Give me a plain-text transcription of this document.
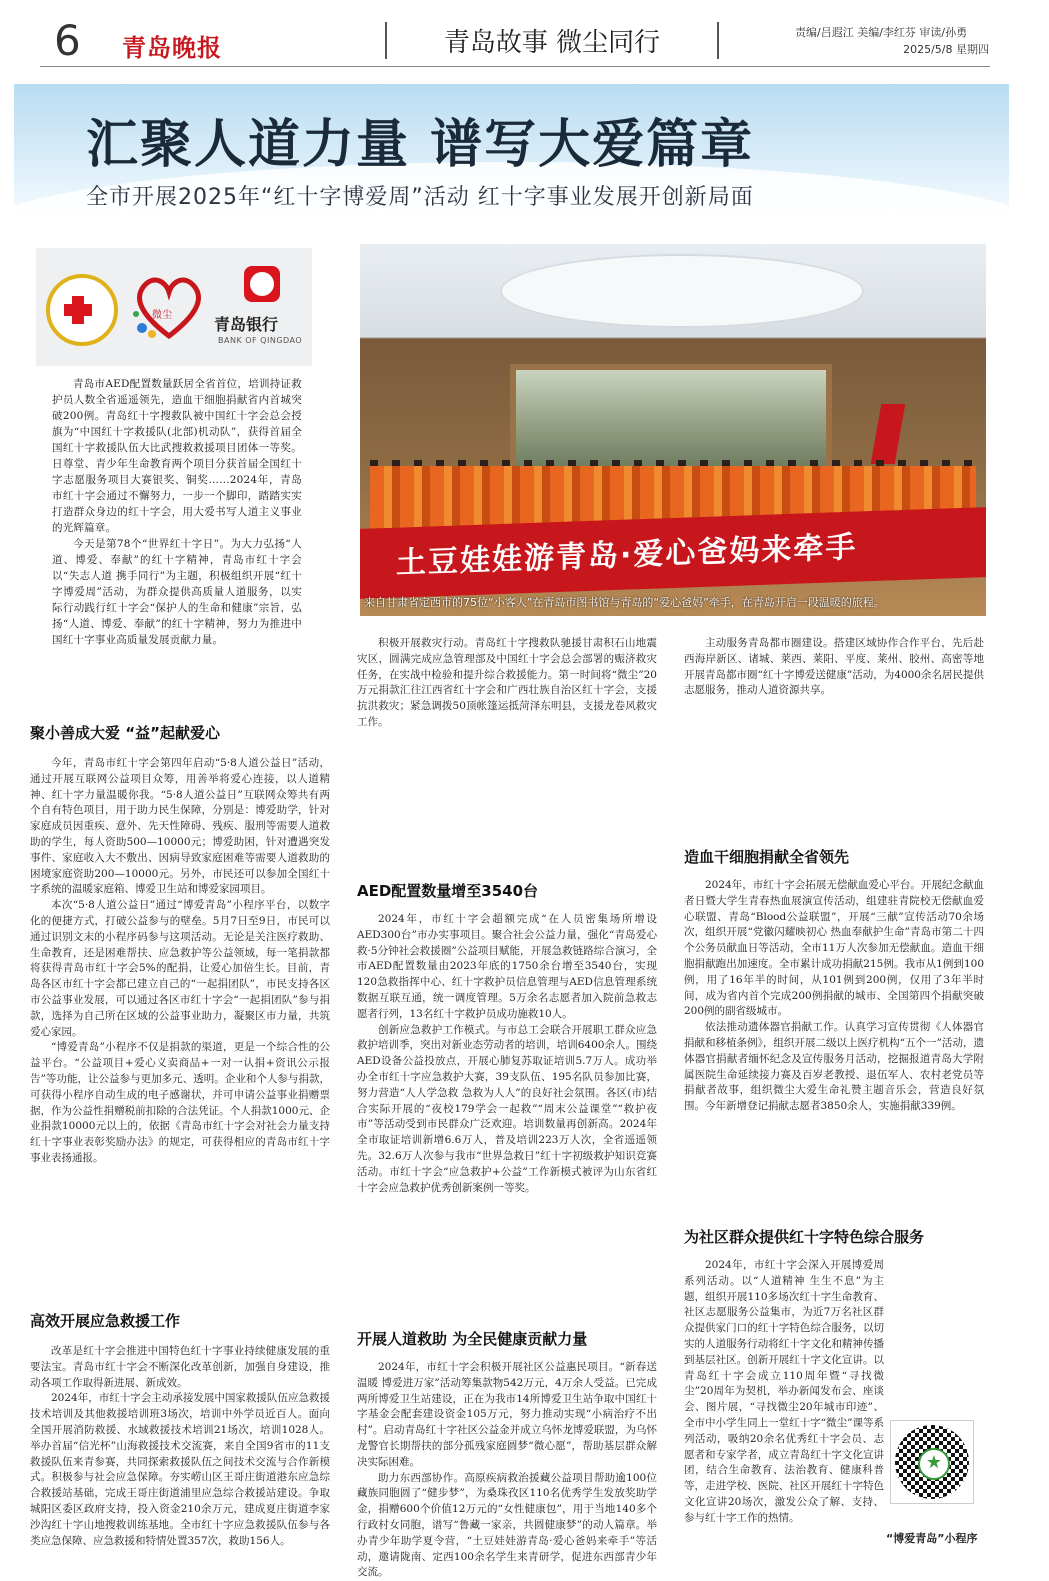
6 青岛晚报	青岛故事 微尘同行	责编/吕遐江 美编/李红芬 审读/孙勇
2025/5/8 星期四
汇聚人道力量 谱写大爱篇章
全市开展2025年“红十字博爱周”活动 红十字事业发展开创新局面
微尘	青岛银行
BANK OF QINGDAO
土豆娃娃游青岛·爱心爸妈来牵手
来自甘肃省定西市的75位“小客人”在青岛市图书馆与青岛的“爱心爸妈”牵手，在青岛开启一段温暖的旅程。

青岛市AED配置数量跃居全省首位，培训持证救护员人数全省遥遥领先，造血干细胞捐献省内首城突破200例。青岛红十字搜救队被中国红十字会总会授旗为“中国红十字救援队(北部)机动队”，获得首届全国红十字救援队伍大比武搜救救援项目团体一等奖。日尊堂、青少年生命教育两个项目分获首届全国红十字志愿服务项目大赛银奖、铜奖……2024年，青岛市红十字会通过不懈努力，一步一个脚印，踏踏实实打造群众身边的红十字会，用大爱书写人道主义事业的光辉篇章。

今天是第78个“世界红十字日”。为大力弘扬“人道、博爱、奉献”的红十字精神，青岛市红十字会以“失志人道 携手同行”为主题，积极组织开展“红十字博爱周”活动，为群众提供高质量人道服务，以实际行动践行红十字会“保护人的生命和健康”宗旨，弘扬“人道、博爱、奉献”的红十字精神，努力为推进中国红十字事业高质量发展贡献力量。

聚小善成大爱 “益”起献爱心

今年，青岛市红十字会第四年启动“5·8人道公益日”活动，通过开展互联网公益项目众筹，用善举将爱心连接，以人道精神、红十字力量温暖你我。“5·8人道公益日”互联网众筹共有两个自有特色项目，用于助力民生保障，分别是：博爱助学，针对家庭成员因重疾、意外、先天性障碍、残疾、服刑等需要人道救助的学生，每人资助500—10000元；博爱助困，针对遭遇突发事件、家庭收入大不敷出、因病导致家庭困难等需要人道救助的困境家庭资助200—10000元。另外，市民还可以参加全国红十字系统的温暖家庭箱、博爱卫生站和博爱家园项目。

本次“5·8人道公益日”通过“博爱青岛”小程序平台，以数字化的便捷方式，打破公益参与的壁垒。5月7日至9日，市民可以通过识别文末的小程序码参与这项活动。无论是关注医疗救助、生命教育，还是困难帮扶、应急救护等公益领域，每一笔捐款都将获得青岛市红十字会5%的配捐，让爱心加倍生长。目前，青岛各区市红十字会都已建立自己的“一起捐团队”，市民支持各区市公益事业发展，可以通过各区市红十字会“一起捐团队”参与捐款，选择为自己所在区域的公益事业助力，凝聚区市力量，共筑爱心家园。

“博爱青岛”小程序不仅是捐款的渠道，更是一个综合性的公益平台。“公益项目+爱心义卖商品+一对一认捐+资讯公示报告”等功能，让公益参与更加多元、透明。企业和个人参与捐款，可获得小程序自动生成的电子感谢状，并可申请公益事业捐赠票据，作为公益性捐赠税前扣除的合法凭证。个人捐款1000元、企业捐款10000元以上的，依据《青岛市红十字会对社会力量支持红十字事业表彰奖励办法》的规定，可获得相应的青岛市红十字事业表扬通报。

高效开展应急救援工作

改革是红十字会推进中国特色红十字事业持续健康发展的重要法宝。青岛市红十字会不断深化改革创新，加强自身建设，推动各项工作取得新进展、新成效。

2024年，市红十字会主动承接发展中国家救援队伍应急救援技术培训及其他救援培训班3场次，培训中外学员近百人。面向全国开展消防救援、水域救援技术培训21场次，培训1028人。举办首届“信光杯”山海救援技术交流赛，来自全国9省市的11支救援队伍来青参赛，共同探索救援队伍之间技术交流与合作新模式。积极参与社会应急保障。夯实崂山区王哥庄街道港东应急综合救援站基础，完成王哥庄街道浦里应急综合救援站建设。争取城阳区委区政府支持，投入资金210余万元，建成夏庄街道李家沙沟红十字山地搜救训练基地。全市红十字应急救援队伍参与各类应急保障、应急救援和特情处置357次，救助156人。

积极开展救灾行动。青岛红十字搜救队驰援甘肃积石山地震灾区，圆满完成应急管理部及中国红十字会总会部署的赈济救灾任务，在实战中检验和提升综合救援能力。第一时间将“微尘”20万元捐款汇往江西省红十字会和广西壮族自治区红十字会，支援抗洪救灾；紧急调拨50顶帐篷运抵菏泽东明县，支援龙卷风救灾工作。

AED配置数量增至3540台

2024年，市红十字会超额完成“在人员密集场所增设AED300台”市办实事项目。聚合社会公益力量，强化“青岛爱心救·5分钟社会救援圈”公益项目赋能，开展急救链路综合演习，全市AED配置数量由2023年底的1750余台增至3540台，实现120急救指挥中心、红十字救护员信息管理与AED信息管理系统数据互联互通，统一调度管理。5万余名志愿者加入院前急救志愿者行列，13名红十字救护员成功施救10人。

创新应急救护工作模式。与市总工会联合开展职工群众应急救护培训季，突出对新业态劳动者的培训，培训6400余人。围绕AED设备公益投放点，开展心肺复苏取证培训5.7万人。成功举办全市红十字应急救护大赛，39支队伍、195名队员参加比赛，努力营造“人人学急救 急救为人人”的良好社会氛围。各区(市)结合实际开展的“夜校179学会一起救”“周末公益课堂”“救护夜市”等活动受到市民群众广泛欢迎。培训数量再创新高。2024年全市取证培训新增6.6万人，普及培训223万人次，全省遥遥领先。32.6万人次参与我市“世界急救日”红十字初级救护知识竞赛活动。市红十字会“应急救护+公益”工作新模式被评为山东省红十字会应急救护优秀创新案例一等奖。

开展人道救助 为全民健康贡献力量

2024年，市红十字会积极开展社区公益惠民项目。“新春送温暖 博爱进万家”活动筹集款物542万元，4万余人受益。已完成两所博爱卫生站建设，正在为我市14所博爱卫生站争取中国红十字基金会配套建设资金105万元，努力推动实现“小病治疗不出村”。启动青岛红十字社区公益金并成立乌怀龙博爱联盟，为乌怀龙警官长期帮扶的部分孤残家庭圆梦“微心愿”，帮助基层群众解决实际困难。

助力东西部协作。高原疾病救治援藏公益项目帮助逾100位藏族同胞圆了“健步梦”，为桑珠孜区110名优秀学生发放奖助学金，捐赠600个价值12万元的“女性健康包”，用于当地140多个行政村女同胞，谱写“鲁藏一家亲，共圆健康梦”的动人篇章。举办青少年助学夏令营，“土豆娃娃游青岛·爱心爸妈来牵手”等活动，邀请陇南、定西100余名学生来青研学，促进东西部青少年交流。

主动服务青岛都市圈建设。搭建区域协作合作平台，先后赴西海岸新区、诸城、莱西、莱阳、平度、莱州、胶州、高密等地开展青岛都市圈“红十字博爱送健康”活动，为4000余名居民提供志愿服务，推动人道资源共享。

造血干细胞捐献全省领先

2024年，市红十字会拓展无偿献血爱心平台。开展纪念献血者日暨大学生青春热血展演宣传活动，组建驻青院校无偿献血爱心联盟、青岛“Blood公益联盟”，开展“三献”宣传活动70余场次，组织开展“党徽闪耀映初心 热血奉献护生命”青岛市第二十四个公务员献血日等活动，全市11万人次参加无偿献血。造血干细胞捐献跑出加速度。全市累计成功捐献215例。我市从1例到100例，用了16年半的时间，从101例到200例，仅用了3年半时间，成为省内首个完成200例捐献的城市、全国第四个捐献突破200例的副省级城市。

依法推动遗体器官捐献工作。认真学习宣传贯彻《人体器官捐献和移植条例》，组织开展二级以上医疗机构“五个一”活动，遗体器官捐献者缅怀纪念及宣传服务月活动，挖掘报道青岛大学附属医院生命延续接力赛及百岁老教授、退伍军人、农村老党员等捐献者故事，组织微尘大爱生命礼赞主题音乐会，营造良好氛围。今年新增登记捐献志愿者3850余人，实施捐献339例。

为社区群众提供红十字特色综合服务

2024年，市红十字会深入开展博爱周系列活动。以“人道精神 生生不息”为主题，组织开展110多场次红十字生命教育、社区志愿服务公益集市，为近7万名社区群众提供家门口的红十字特色综合服务，以切实的人道服务行动将红十字文化和精神传播到基层社区。创新开展红十字文化宣讲。以青岛红十字会成立110周年暨“寻找微尘”20周年为契机，举办新闻发布会、座谈会、图片展，“寻找微尘20年城市印迹”、全市中小学生同上一堂红十字“微尘”课等系列活动，吸纳20余名优秀红十字会员、志愿者和专家学者，成立青岛红十字文化宣讲团，结合生命教育、法治教育、健康科普等，走进学校、医院、社区开展红十字特色文化宣讲20场次，激发公众了解、支持、参与红十字工作的热情。

★
“博爱青岛”小程序
